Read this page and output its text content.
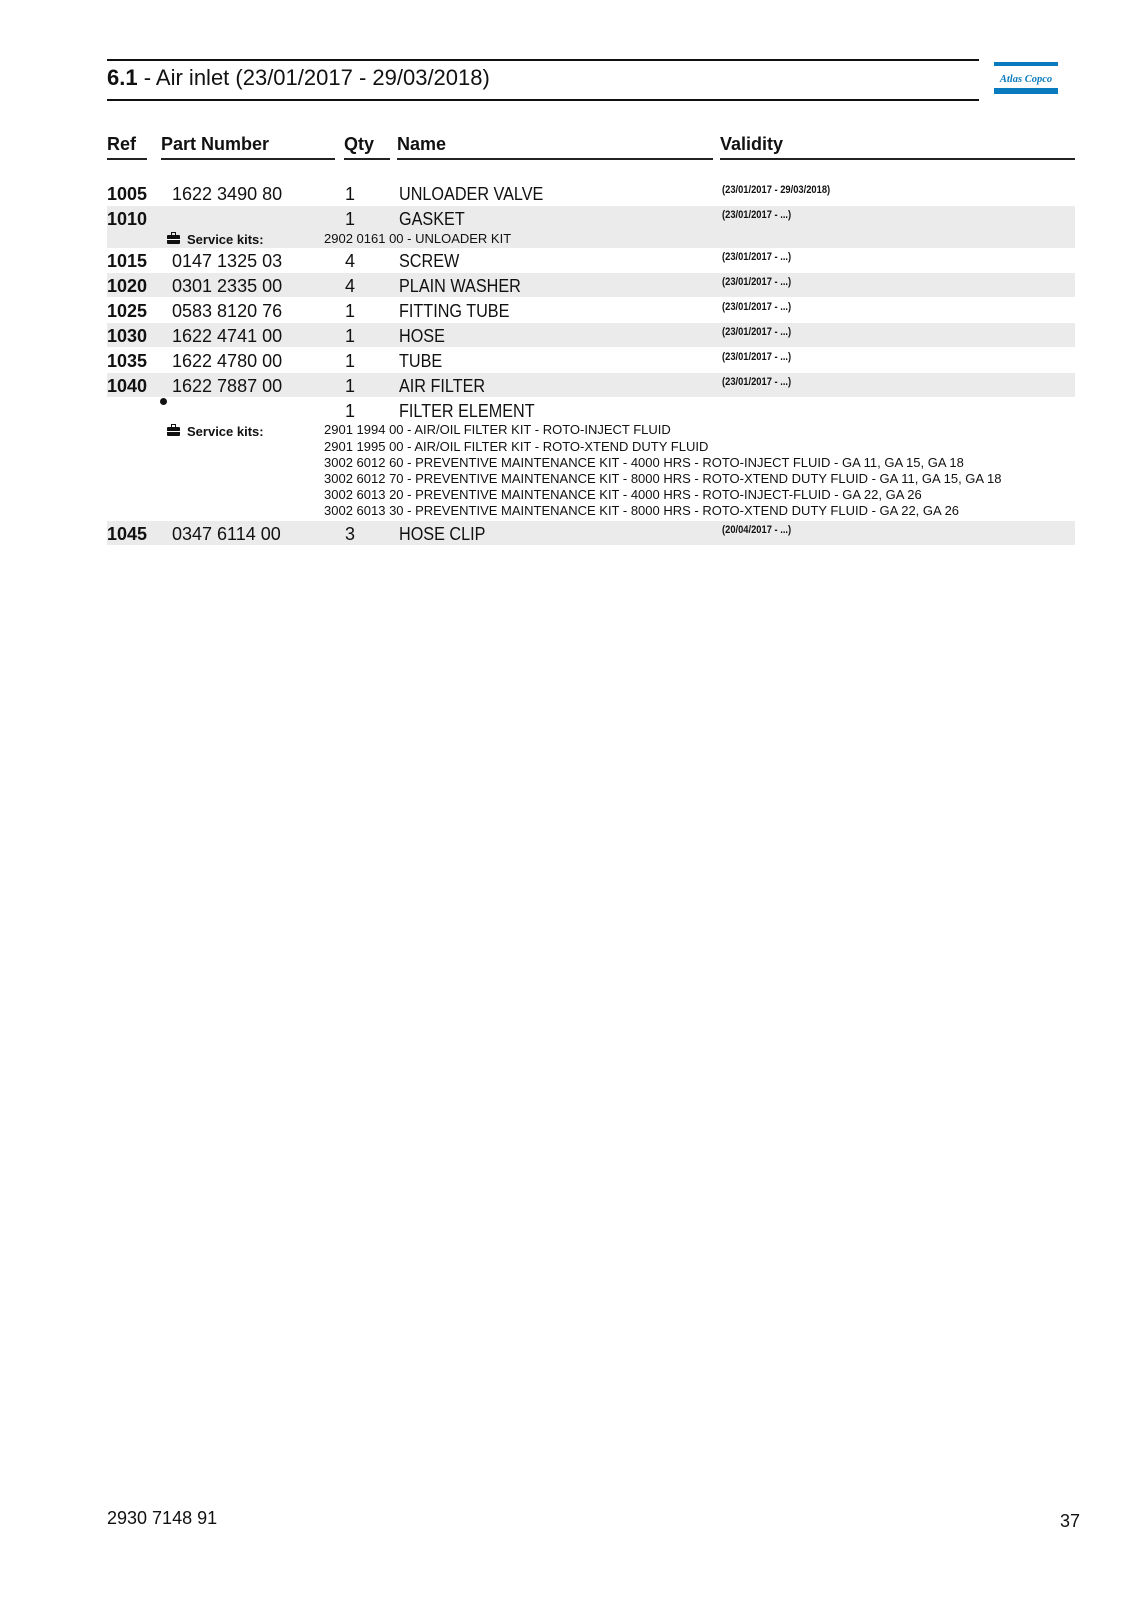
6.1 - Air inlet (23/01/2017 - 29/03/2018)	Atlas Copco
Ref Part Number	Qty Name	Validity
1005 1622 3490 80	1 UNLOADER VALVE	(23/01/2017 - 29/03/2018)
1010	1 GASKET	(23/01/2017 - ...)
Service kits:	2902 0161 00 - UNLOADER KIT
1015 0147 1325 03	4 SCREW	(23/01/2017 - ...)
1020 0301 2335 00	4 PLAIN WASHER	(23/01/2017 - ...)
1025 0583 8120 76	1 FITTING TUBE	(23/01/2017 - ...)
1030 1622 4741 00	1 HOSE	(23/01/2017 - ...)
1035 1622 4780 00	1 TUBE	(23/01/2017 - ...)
1040 1622 7887 00	1 AIR FILTER	(23/01/2017 - ...)
1 FILTER ELEMENT
Service kits:	2901 1994 00 - AIR/OIL FILTER KIT - ROTO-INJECT FLUID
2901 1995 00 - AIR/OIL FILTER KIT - ROTO-XTEND DUTY FLUID
3002 6012 60 - PREVENTIVE MAINTENANCE KIT - 4000 HRS - ROTO-INJECT FLUID - GA 11, GA 15, GA 18
3002 6012 70 - PREVENTIVE MAINTENANCE KIT - 8000 HRS - ROTO-XTEND DUTY FLUID - GA 11, GA 15, GA 18
3002 6013 20 - PREVENTIVE MAINTENANCE KIT - 4000 HRS - ROTO-INJECT-FLUID - GA 22, GA 26
3002 6013 30 - PREVENTIVE MAINTENANCE KIT - 8000 HRS - ROTO-XTEND DUTY FLUID - GA 22, GA 26
1045 0347 6114 00	3 HOSE CLIP	(20/04/2017 - ...)
2930 7148 91	37
